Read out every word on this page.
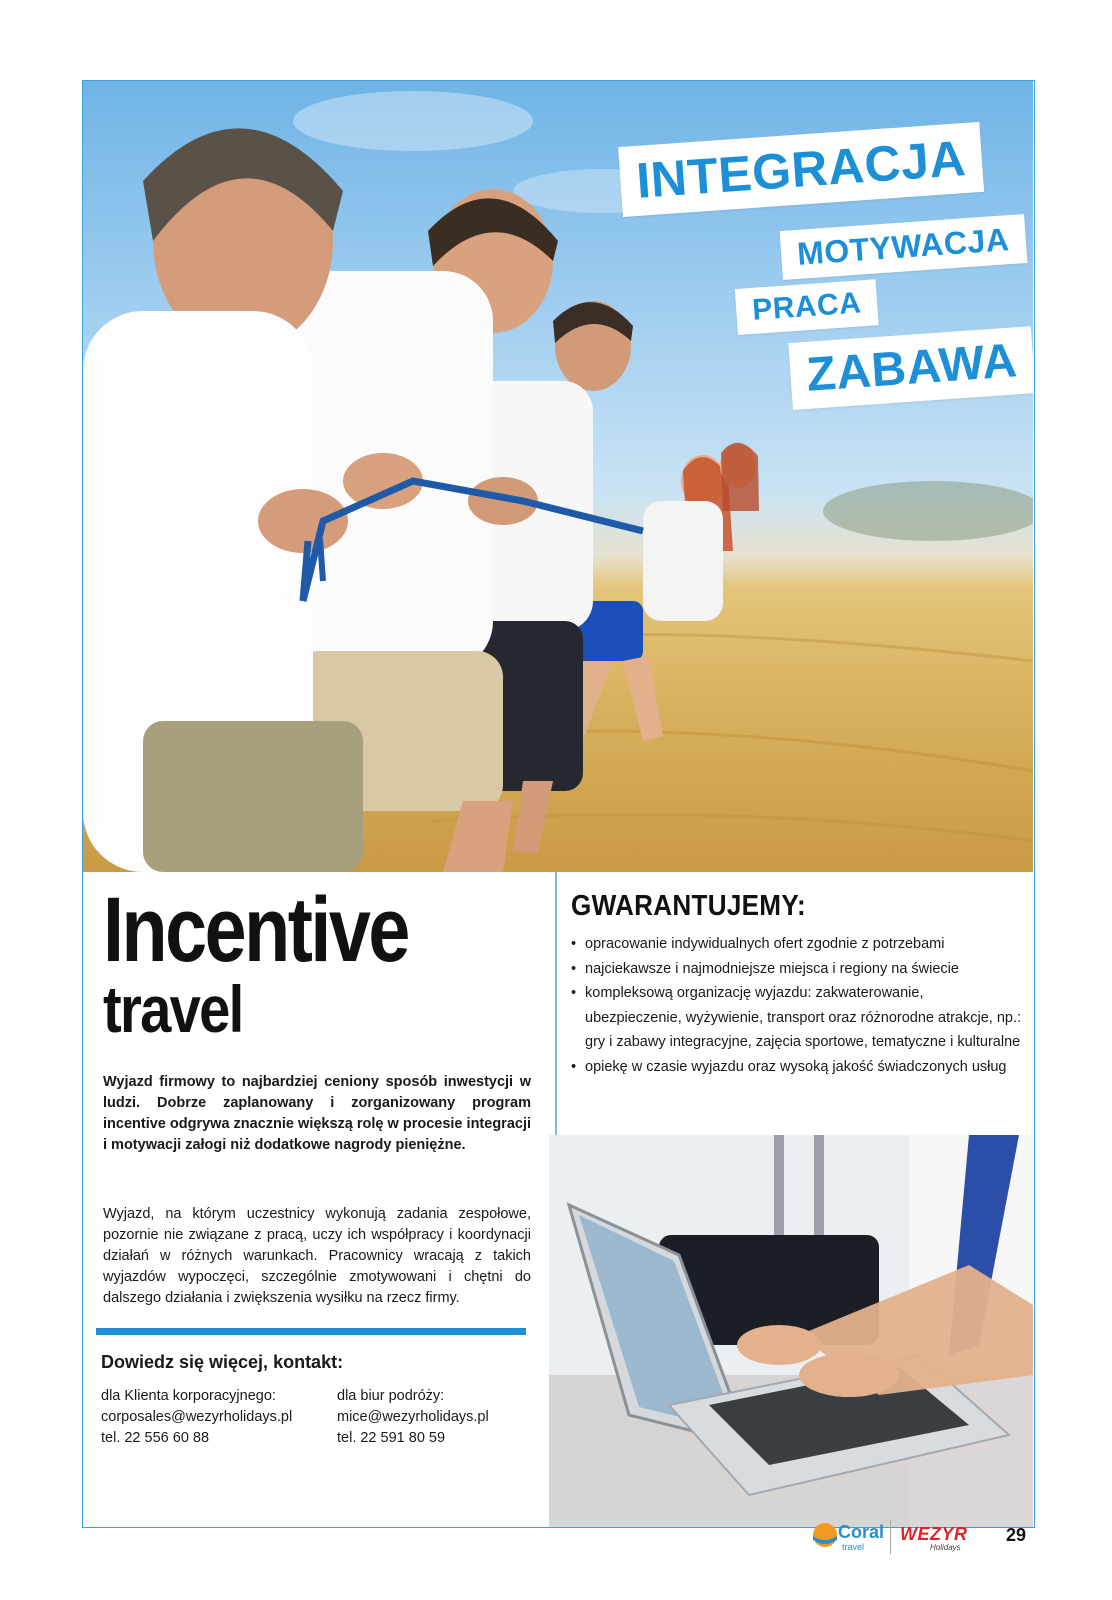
INTEGRACJA
MOTYWACJA
PRACA
ZABAWA
Incentive
travel
Wyjazd firmowy to najbardziej ceniony sposób inwestycji w ludzi. Dobrze zaplanowany i zorganizowany program incentive odgrywa znacznie większą rolę w procesie integracji i motywacji załogi niż dodatkowe nagrody pieniężne.
Wyjazd, na którym uczestnicy wykonują zadania zespołowe, pozornie nie związane z pracą, uczy ich współpracy i koordynacji działań w różnych warunkach. Pracownicy wracają z takich wyjazdów wypoczęci, szczególnie zmotywowani i chętni do dalszego działania i zwiększenia wysiłku na rzecz firmy.
GWARANTUJEMY:
• opracowanie indywidualnych ofert zgodnie z potrzebami
• najciekawsze i najmodniejsze miejsca i regiony na świecie
• kompleksową organizację wyjazdu: zakwaterowanie, ubezpieczenie, wyżywienie, transport oraz różnorodne atrakcje, np.: gry i zabawy integracyjne, zajęcia sportowe, tematyczne i kulturalne
• opiekę w czasie wyjazdu oraz wysoką jakość świadczonych usług
Dowiedz się więcej, kontakt:
dla Klienta korporacyjnego:
corposales@wezyrholidays.pl
tel. 22 556 60 88
dla biur podróży:
mice@wezyrholidays.pl
tel. 22 591 80 59
Coral
travel
WEZYR
Holidays
29
